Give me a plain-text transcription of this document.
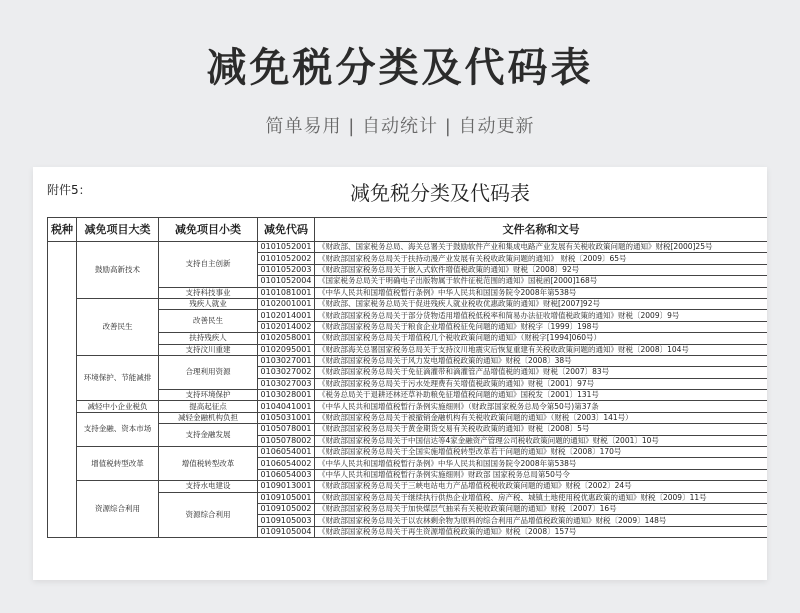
减免税分类及代码表
简单易用 | 自动统计 | 自动更新
附件5：	减免税分类及代码表
税种	减免项目大类	减免项目小类	减免代码	文件名称和文号
	鼓励高新技术	支持自主创新	0101052001	《财政部、国家税务总局、海关总署关于鼓励软件产业和集成电路产业发展有关税收政策问题的通知》财税[2000]25号
			0101052002	《财政部国家税务总局关于扶持动漫产业发展有关税收政策问题的通知》 财税〔2009〕65号
			0101052003	《财政部国家税务总局关于嵌入式软件增值税政策的通知》财税〔2008〕92号
			0101052004	《国家税务总局关于明确电子出版物属于软件征税范围的通知》国税函[2000]168号
		支持科技事业	0101081001	《中华人民共和国增值税暂行条例》中华人民共和国国务院令2008年第538号
	改善民生	残疾人就业	0102001001	《财政部、国家税务总局关于促进残疾人就业税收优惠政策的通知》财税[2007]92号
		改善民生	0102014001	《财政部国家税务总局关于部分货物适用增值税低税率和简易办法征收增值税政策的通知》财税〔2009〕9号
			0102014002	《财政部国家税务总局关于粮食企业增值税征免问题的通知》财税字〔1999〕198号
		扶持残疾人	0102058001	《财政部国家税务总局关于增值税几个税收政策问题的通知》（财税字[1994]060号）
		支持汶川重建	0102095001	《财政部海关总署国家税务总局关于支持汶川地震灾后恢复重建有关税收政策问题的通知》财税〔2008〕104号
	环境保护、节能减排	合理利用资源	0103027001	《财政部国家税务总局关于风力发电增值税政策的通知》财税〔2008〕38号
			0103027002	《财政部国家税务总局关于免征滴灌带和滴灌管产品增值税的通知》财税〔2007〕83号
			0103027003	《财政部国家税务总局关于污水处理费有关增值税政策的通知》财税〔2001〕97号
		支持环境保护	0103028001	《税务总局关于退耕还林还草补助粮免征增值税问题的通知》国税发〔2001〕131号
	减轻中小企业税负	提高起征点	0104041001	《中华人民共和国增值税暂行条例实施细则》（财政部国家税务总局令第50号)第37条
	支持金融、资本市场	减轻金融机构负担	0105031001	《财政部国家税务总局关于被撤销金融机构有关税收政策问题的通知》（财税〔2003〕141号）
		支持金融发展	0105078001	《财政部国家税务总局关于黄金期货交易有关税收政策的通知》财税〔2008〕5号
			0105078002	《财政部国家税务总局关于中国信达等4家金融资产管理公司税收政策问题的通知》财税〔2001〕10号
	增值税转型改革	增值税转型改革	0106054001	《财政部国家税务总局关于全国实施增值税转型改革若干问题的通知》财税〔2008〕170号
			0106054002	《中华人民共和国增值税暂行条例》中华人民共和国国务院令2008年第538号
			0106054003	《中华人民共和国增值税暂行条例实施细则》财政部 国家税务总局第50号令
	资源综合利用	支持水电建设	0109013001	《财政部国家税务总局关于三峡电站电力产品增值税税收政策问题的通知》财税〔2002〕24号
		资源综合利用	0109105001	《财政部国家税务总局关于继续执行供热企业增值税、房产税、城镇土地使用税优惠政策的通知》财税〔2009〕11号
			0109105002	《财政部国家税务总局关于加快煤层气抽采有关税收政策问题的通知》财税〔2007〕16号
			0109105003	《财政部国家税务总局关于以农林剩余物为原料的综合利用产品增值税政策的通知》财税〔2009〕148号
			0109105004	《财政部国家税务总局关于再生资源增值税政策的通知》财税〔2008〕157号
